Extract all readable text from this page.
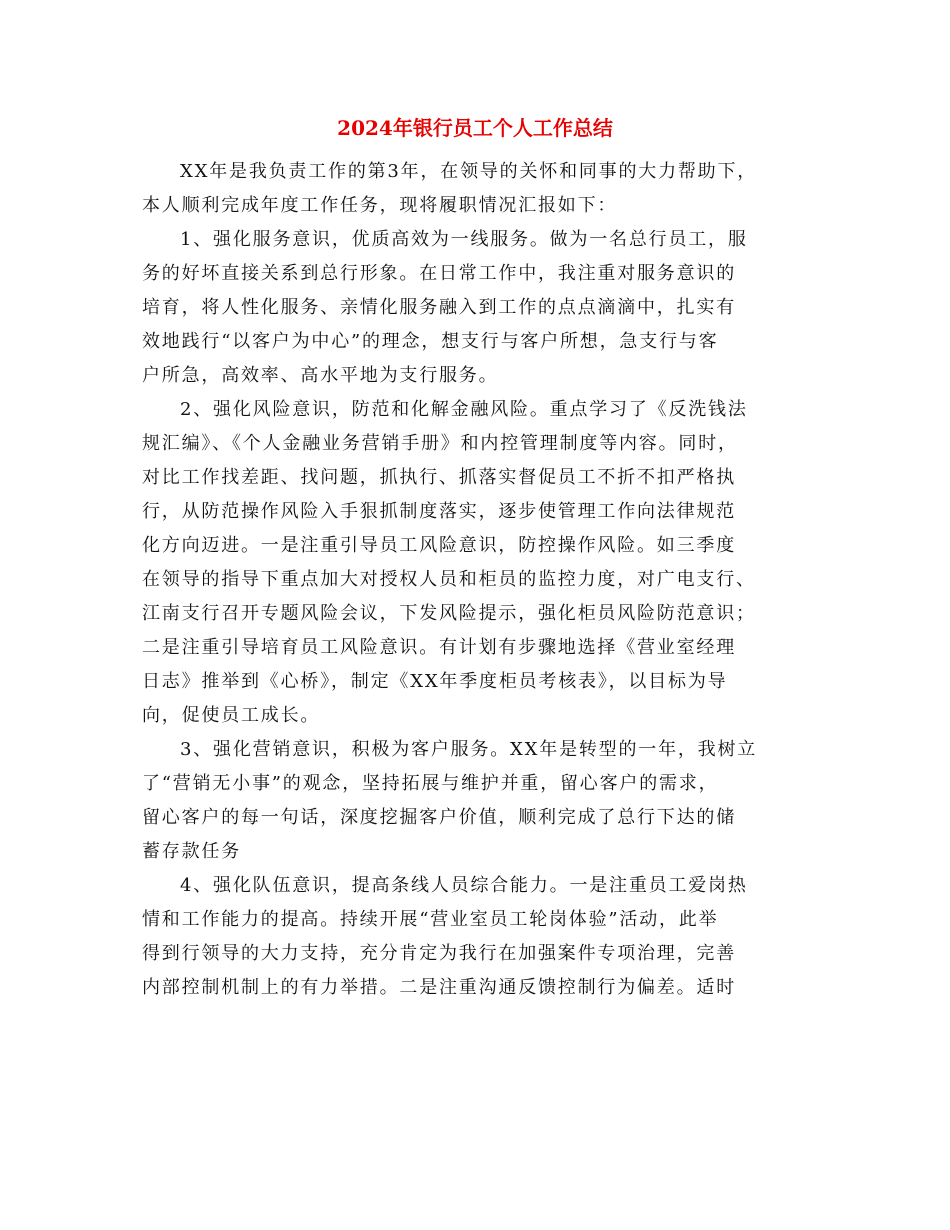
2024年银行员工个人工作总结

XX年是我负责工作的第3年，在领导的关怀和同事的大力帮助下，

本人顺利完成年度工作任务，现将履职情况汇报如下：

1、强化服务意识，优质高效为一线服务。做为一名总行员工，服

务的好坏直接关系到总行形象。在日常工作中，我注重对服务意识的

培育，将人性化服务、亲情化服务融入到工作的点点滴滴中，扎实有

效地践行“以客户为中心”的理念，想支行与客户所想，急支行与客

户所急，高效率、高水平地为支行服务。

2、强化风险意识，防范和化解金融风险。重点学习了《反洗钱法

规汇编》、《个人金融业务营销手册》和内控管理制度等内容。同时，

对比工作找差距、找问题，抓执行、抓落实督促员工不折不扣严格执

行，从防范操作风险入手狠抓制度落实，逐步使管理工作向法律规范

化方向迈进。一是注重引导员工风险意识，防控操作风险。如三季度

在领导的指导下重点加大对授权人员和柜员的监控力度，对广电支行、

江南支行召开专题风险会议，下发风险提示，强化柜员风险防范意识；

二是注重引导培育员工风险意识。有计划有步骤地选择《营业室经理

日志》推举到《心桥》，制定《XX年季度柜员考核表》，以目标为导

向，促使员工成长。

3、强化营销意识，积极为客户服务。XX年是转型的一年，我树立

了“营销无小事”的观念，坚持拓展与维护并重，留心客户的需求，

留心客户的每一句话，深度挖掘客户价值，顺利完成了总行下达的储

蓄存款任务

4、强化队伍意识，提高条线人员综合能力。一是注重员工爱岗热

情和工作能力的提高。持续开展“营业室员工轮岗体验”活动，此举

得到行领导的大力支持，充分肯定为我行在加强案件专项治理，完善

内部控制机制上的有力举措。二是注重沟通反馈控制行为偏差。适时
